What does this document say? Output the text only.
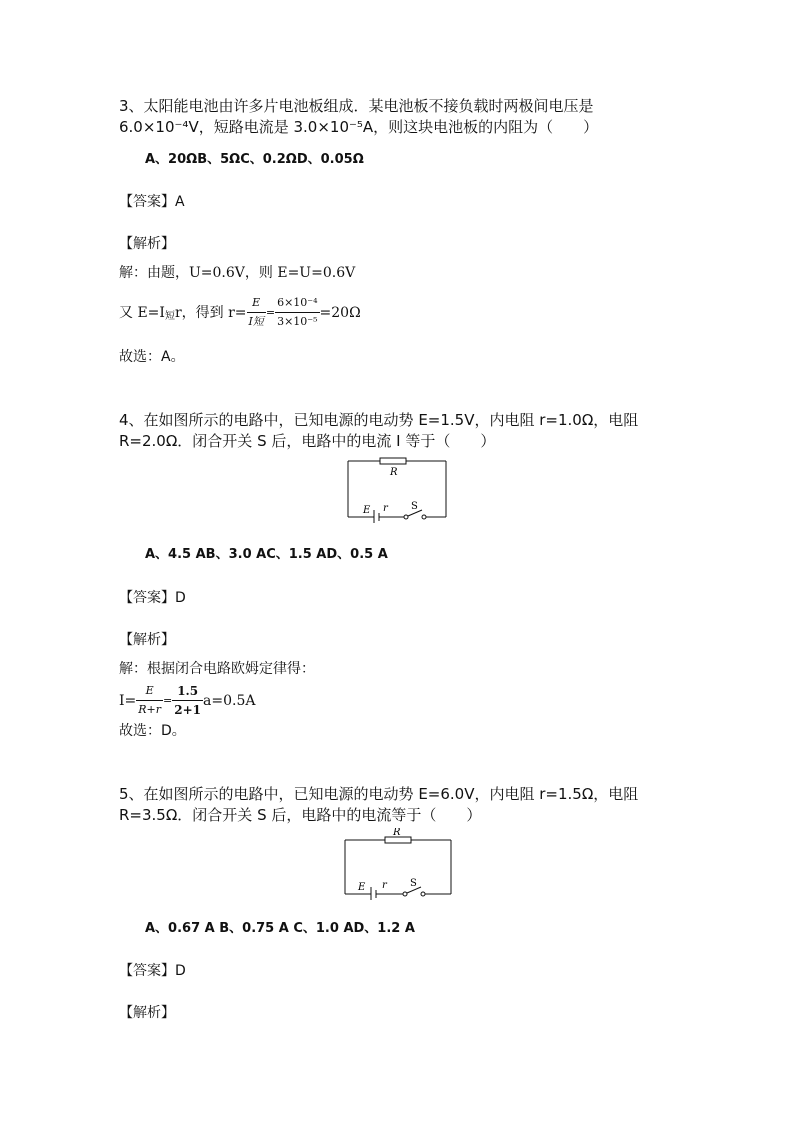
3、太阳能电池由许多片电池板组成．某电池板不接负载时两极间电压是
6.0×10⁻⁴V，短路电流是 3.0×10⁻⁵A，则这块电池板的内阻为（　　）
A、20ΩB、5ΩC、0.2ΩD、0.05Ω
【答案】A
【解析】
解：由题，U=0.6V，则 E=U=0.6V
又 E=I 短 r，得到 $r= \frac{E}{\text{I短}} = \frac{\text{6×10⁻⁴}}{\text{3×10⁻⁵}} =20\Omega$
故选：A。
4、在如图所示的电路中，已知电源的电动势 E=1.5V，内电阻 r=1.0Ω，电阻
R=2.0Ω．闭合开关 S 后，电路中的电流 I 等于（　　）
R
E r S
A、4.5 AB、3.0 AC、1.5 AD、0.5 A
【答案】D
【解析】
解：根据闭合电路欧姆定律得：
$I= \frac{E}{R+r} = \frac{1.5}{2+1} a=0.5A$
故选：D。
5、在如图所示的电路中，已知电源的电动势 E=6.0V，内电阻 r=1.5Ω，电阻
R=3.5Ω．闭合开关 S 后，电路中的电流等于（　　）
R
E r S
A、0.67 A B、0.75 A C、1.0 AD、1.2 A
【答案】D
【解析】
